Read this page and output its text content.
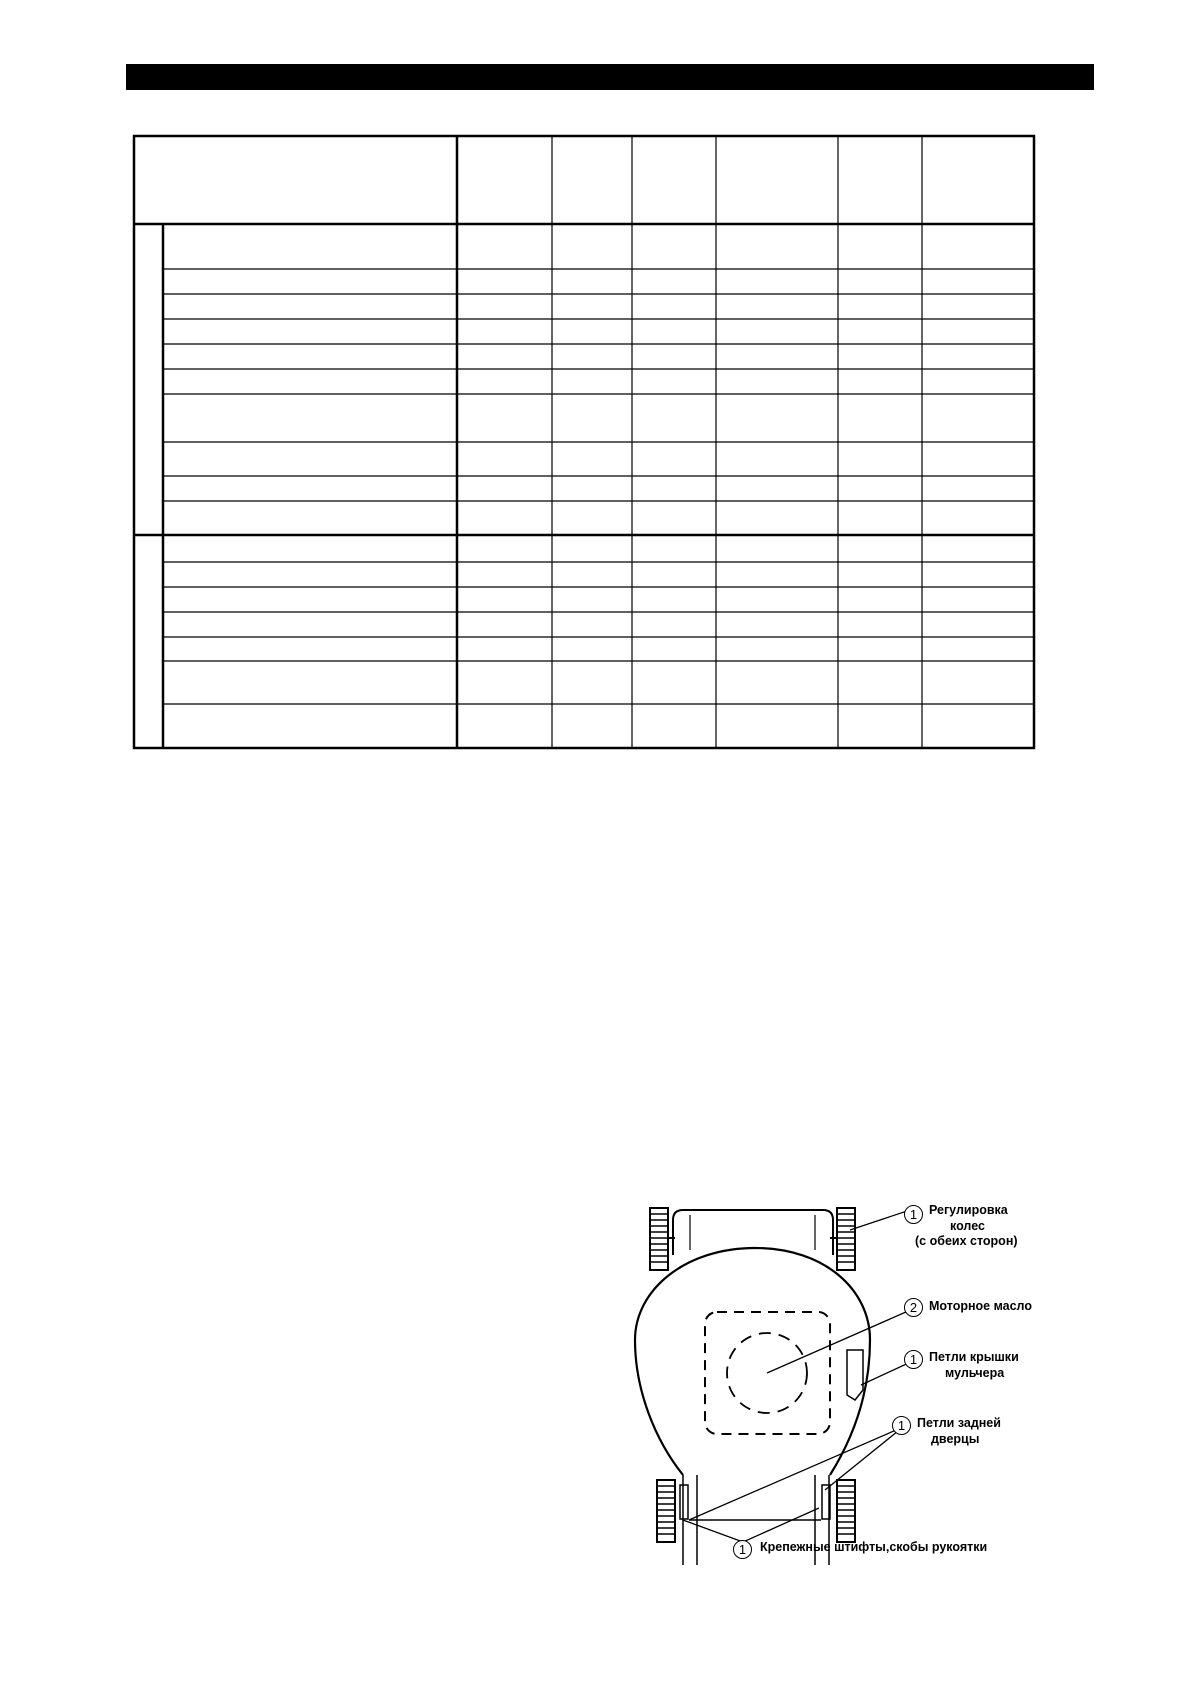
1 Регулировка
колес
(с обеих сторон)
2 Моторное масло
1 Петли крышки
мульчера
1 Петли задней
дверцы
1	Крепежные штифты,скобы рукоятки
